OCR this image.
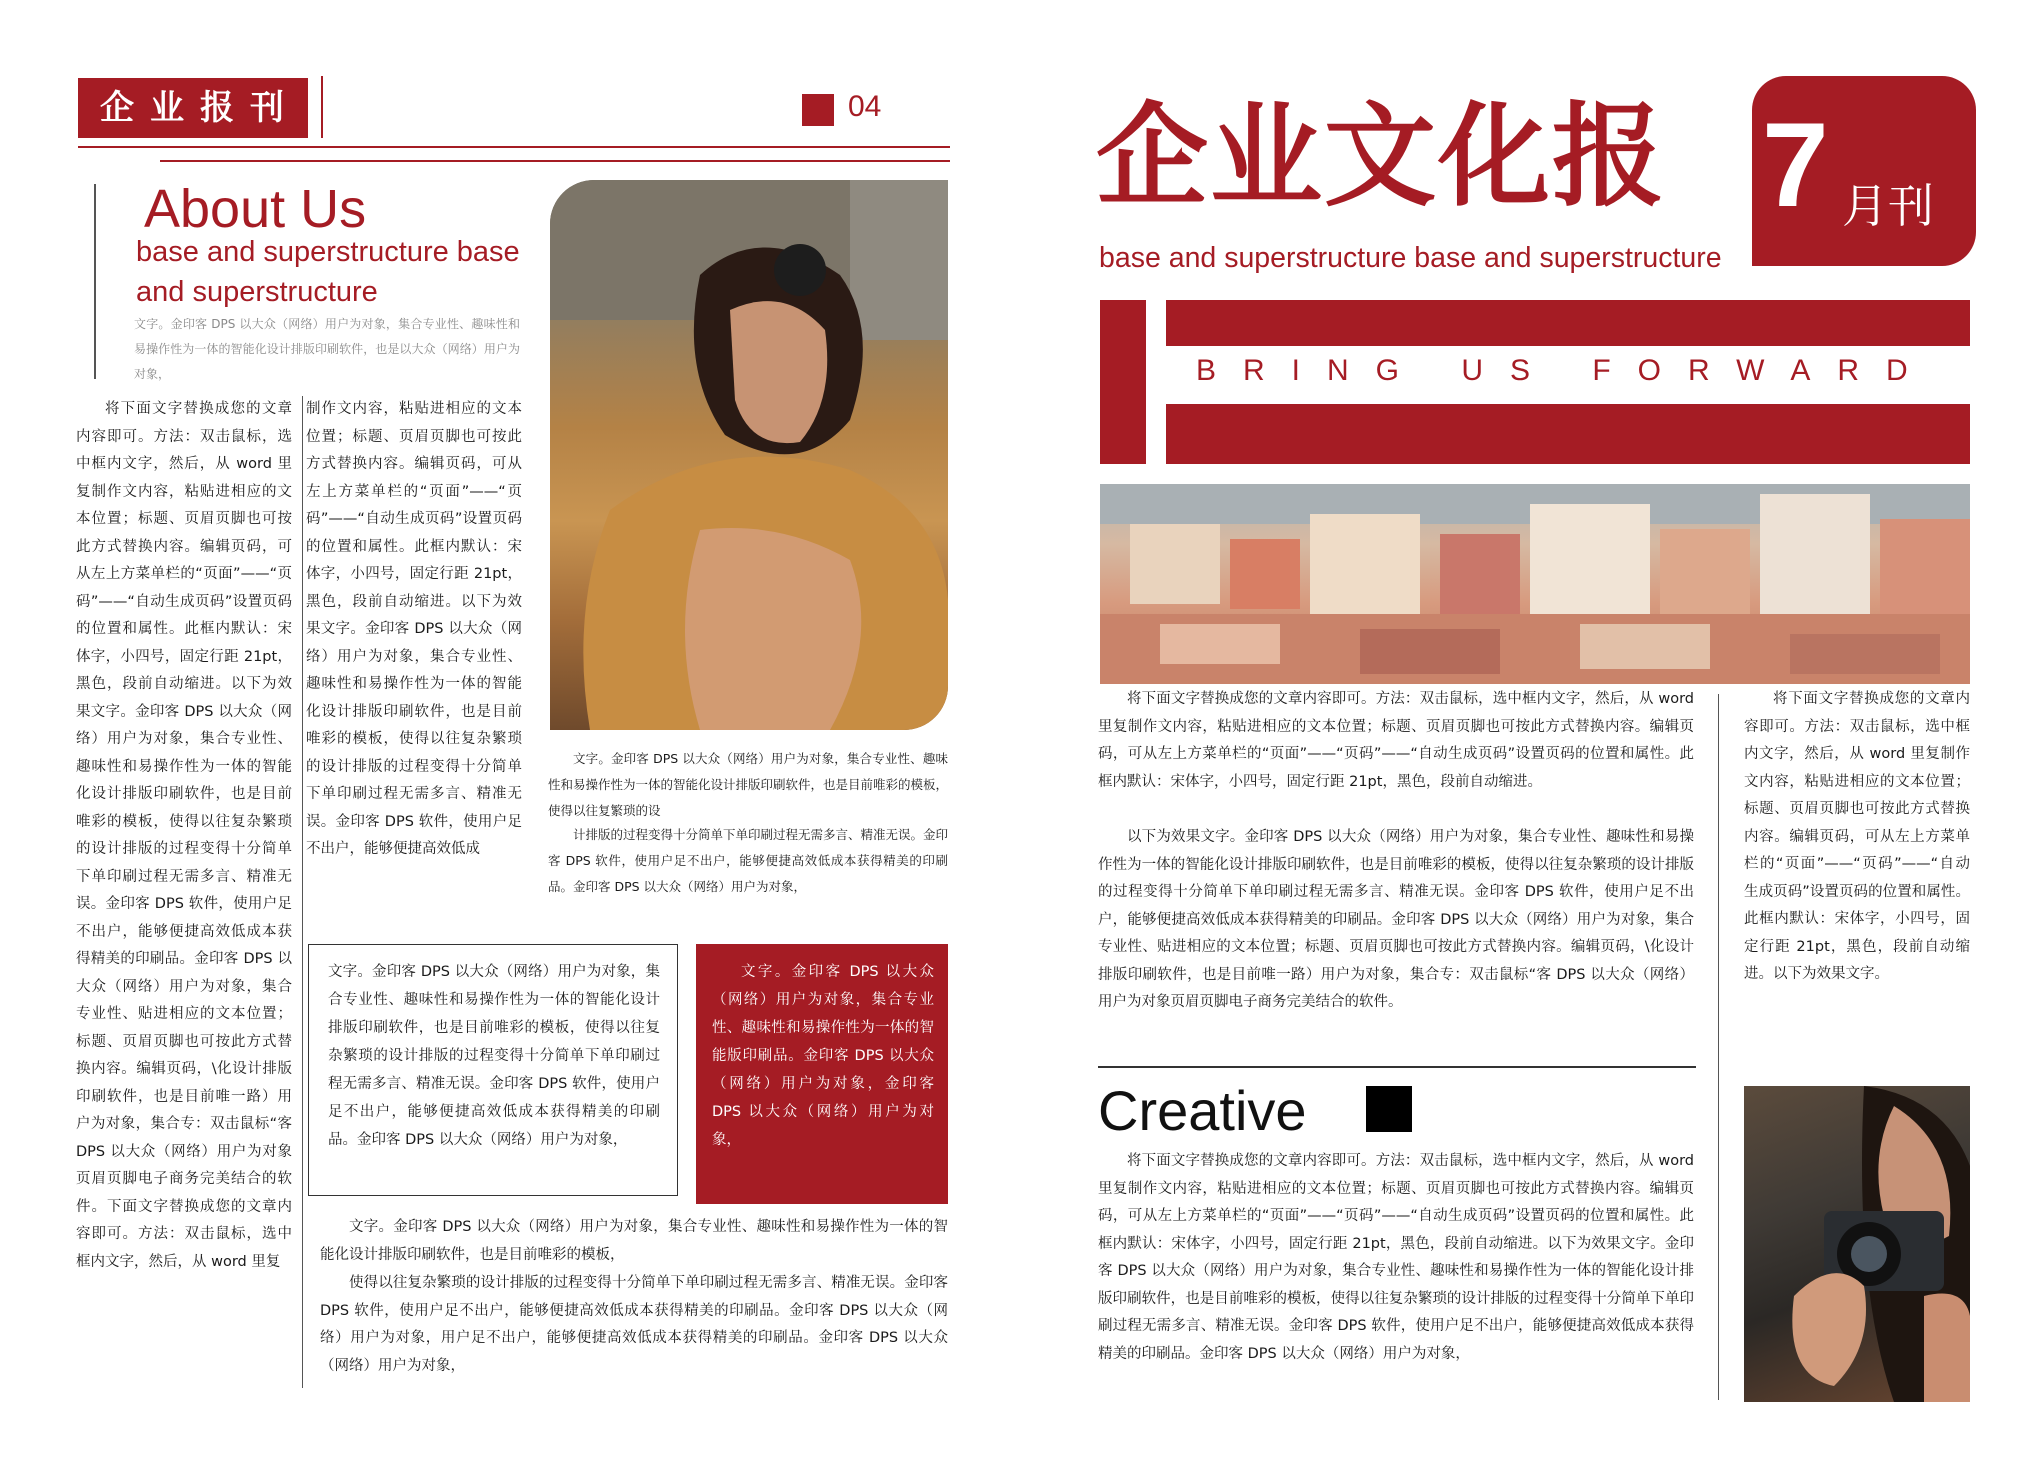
企业报刊	04
About Us
base and superstructure base
and superstructure
文字。金印客 DPS 以大众（网络）用户为对象，集合专业性、趣味性和易操作性为一体的智能化设计排版印刷软件，也是以大众（网络）用户为对象，
将下面文字替换成您的文章内容即可。方法：双击鼠标，选中框内文字，然后，从 word 里复制作文内容，粘贴进相应的文本位置；标题、页眉页脚也可按此方式替换内容。编辑页码，可从左上方菜单栏的“页面”——“页码”——“自动生成页码”设置页码的位置和属性。此框内默认：宋体字，小四号，固定行距 21pt，黑色，段前自动缩进。以下为效果文字。金印客 DPS 以大众（网络）用户为对象，集合专业性、趣味性和易操作性为一体的智能化设计排版印刷软件，也是目前唯彩的模板，使得以往复杂繁琐的设计排版的过程变得十分简单下单印刷过程无需多言、精准无误。金印客 DPS 软件，使用户足不出户，能够便捷高效低成本获得精美的印刷品。金印客 DPS 以大众（网络）用户为对象，集合专业性、贴进相应的文本位置；标题、页眉页脚也可按此方式替换内容。编辑页码，\化设计排版印刷软件，也是目前唯一路）用户为对象，集合专：双击鼠标“客 DPS 以大众（网络）用户为对象页眉页脚电子商务完美结合的软件。下面文字替换成您的文章内容即可。方法：双击鼠标，选中框内文字，然后，从 word 里复
制作文内容，粘贴进相应的文本位置；标题、页眉页脚也可按此方式替换内容。编辑页码，可从左上方菜单栏的“页面”——“页码”——“自动生成页码”设置页码的位置和属性。此框内默认：宋体字，小四号，固定行距 21pt，黑色，段前自动缩进。以下为效果文字。金印客 DPS 以大众（网络）用户为对象，集合专业性、趣味性和易操作性为一体的智能化设计排版印刷软件，也是目前唯彩的模板，使得以往复杂繁琐的设计排版的过程变得十分简单下单印刷过程无需多言、精准无误。金印客 DPS 软件，使用户足不出户，能够便捷高效低成
文字。金印客 DPS 以大众（网络）用户为对象，集合专业性、趣味性和易操作性为一体的智能化设计排版印刷软件，也是目前唯彩的模板，使得以往复繁琐的设
计排版的过程变得十分简单下单印刷过程无需多言、精准无误。金印客 DPS 软件，使用户足不出户，能够便捷高效低成本获得精美的印刷品。金印客 DPS 以大众（网络）用户为对象，
文字。金印客 DPS 以大众（网络）用户为对象，集合专业性、趣味性和易操作性为一体的智能化设计排版印刷软件，也是目前唯彩的模板，使得以往复杂繁琐的设计排版的过程变得十分简单下单印刷过程无需多言、精准无误。金印客 DPS 软件，使用户足不出户，能够便捷高效低成本获得精美的印刷品。金印客 DPS 以大众（网络）用户为对象，
文字。金印客 DPS 以大众（网络）用户为对象，集合专业性、趣味性和易操作性为一体的智能版印刷品。金印客 DPS 以大众（网络）用户为对象，金印客 DPS 以大众（网络）用户为对象，
文字。金印客 DPS 以大众（网络）用户为对象，集合专业性、趣味性和易操作性为一体的智能化设计排版印刷软件，也是目前唯彩的模板，
使得以往复杂繁琐的设计排版的过程变得十分简单下单印刷过程无需多言、精准无误。金印客 DPS 软件，使用户足不出户，能够便捷高效低成本获得精美的印刷品。金印客 DPS 以大众（网络）用户为对象，用户足不出户，能够便捷高效低成本获得精美的印刷品。金印客 DPS 以大众（网络）用户为对象，
企业文化报 7 月刊
base and superstructure base and superstructure
BRING US FORWARD
将下面文字替换成您的文章内容即可。方法：双击鼠标，选中框内文字，然后，从 word 里复制作文内容，粘贴进相应的文本位置；标题、页眉页脚也可按此方式替换内容。编辑页码，可从左上方菜单栏的“页面”——“页码”——“自动生成页码”设置页码的位置和属性。此框内默认：宋体字，小四号，固定行距 21pt，黑色，段前自动缩进。
以下为效果文字。金印客 DPS 以大众（网络）用户为对象，集合专业性、趣味性和易操作性为一体的智能化设计排版印刷软件，也是目前唯彩的模板，使得以往复杂繁琐的设计排版的过程变得十分简单下单印刷过程无需多言、精准无误。金印客 DPS 软件，使用户足不出户，能够便捷高效低成本获得精美的印刷品。金印客 DPS 以大众（网络）用户为对象，集合专业性、贴进相应的文本位置；标题、页眉页脚也可按此方式替换内容。编辑页码，\化设计排版印刷软件，也是目前唯一路）用户为对象，集合专：双击鼠标“客 DPS 以大众（网络）用户为对象页眉页脚电子商务完美结合的软件。
将下面文字替换成您的文章内容即可。方法：双击鼠标，选中框内文字，然后，从 word 里复制作文内容，粘贴进相应的文本位置；标题、页眉页脚也可按此方式替换内容。编辑页码，可从左上方菜单栏的“页面”——“页码”——“自动生成页码”设置页码的位置和属性。此框内默认：宋体字，小四号，固定行距 21pt，黑色，段前自动缩进。以下为效果文字。
Creative
将下面文字替换成您的文章内容即可。方法：双击鼠标，选中框内文字，然后，从 word 里复制作文内容，粘贴进相应的文本位置；标题、页眉页脚也可按此方式替换内容。编辑页码，可从左上方菜单栏的“页面”——“页码”——“自动生成页码”设置页码的位置和属性。此框内默认：宋体字，小四号，固定行距 21pt，黑色，段前自动缩进。以下为效果文字。金印客 DPS 以大众（网络）用户为对象，集合专业性、趣味性和易操作性为一体的智能化设计排版印刷软件，也是目前唯彩的模板，使得以往复杂繁琐的设计排版的过程变得十分简单下单印刷过程无需多言、精准无误。金印客 DPS 软件，使用户足不出户，能够便捷高效低成本获得精美的印刷品。金印客 DPS 以大众（网络）用户为对象，
